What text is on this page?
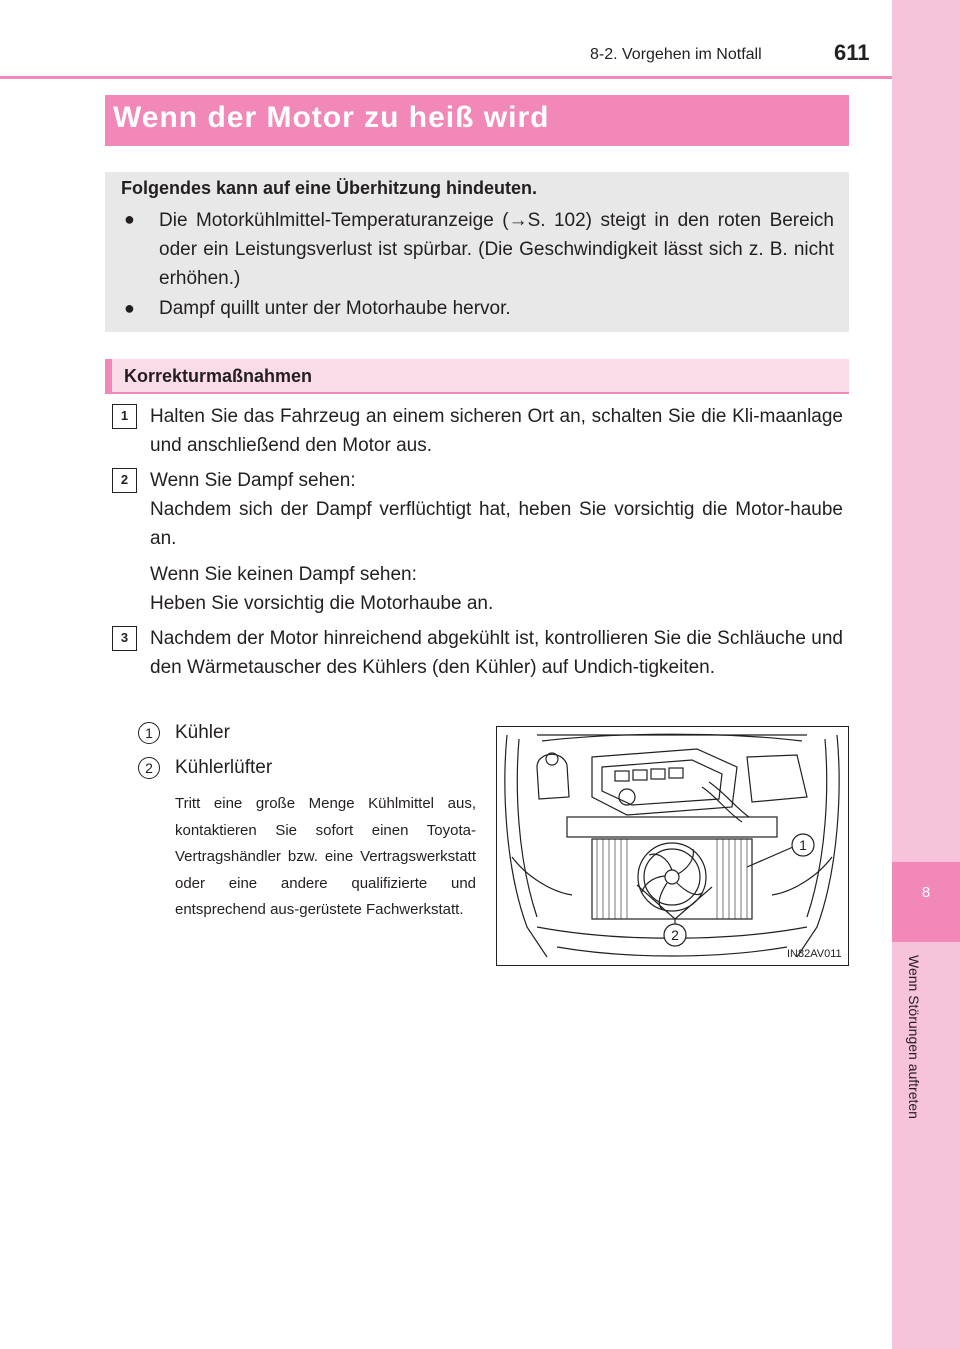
8-2. Vorgehen im Notfall	611
8
Wenn Störungen auftreten
Wenn der Motor zu heiß wird
Folgendes kann auf eine Überhitzung hindeuten.
● Die Motorkühlmittel-Temperaturanzeige (→S. 102) steigt in den roten Bereich oder ein Leistungsverlust ist spürbar. (Die Geschwindigkeit lässt sich z. B. nicht erhöhen.)
● Dampf quillt unter der Motorhaube hervor.
Korrekturmaßnahmen
1	Halten Sie das Fahrzeug an einem sicheren Ort an, schalten Sie die Kli-maanlage und anschließend den Motor aus.
2	Wenn Sie Dampf sehen:
Nachdem sich der Dampf verflüchtigt hat, heben Sie vorsichtig die Motor-haube an.
Wenn Sie keinen Dampf sehen:
Heben Sie vorsichtig die Motorhaube an.
3	Nachdem der Motor hinreichend abgekühlt ist, kontrollieren Sie die Schläuche und den Wärmetauscher des Kühlers (den Kühler) auf Undich-tigkeiten.
1	Kühler
2	Kühlerlüfter
Tritt eine große Menge Kühlmittel aus, kontaktieren Sie sofort einen Toyota-Vertragshändler bzw. eine Vertragswerkstatt oder eine andere qualifizierte und entsprechend aus-gerüstete Fachwerkstatt.
1
2
IN82AV011
